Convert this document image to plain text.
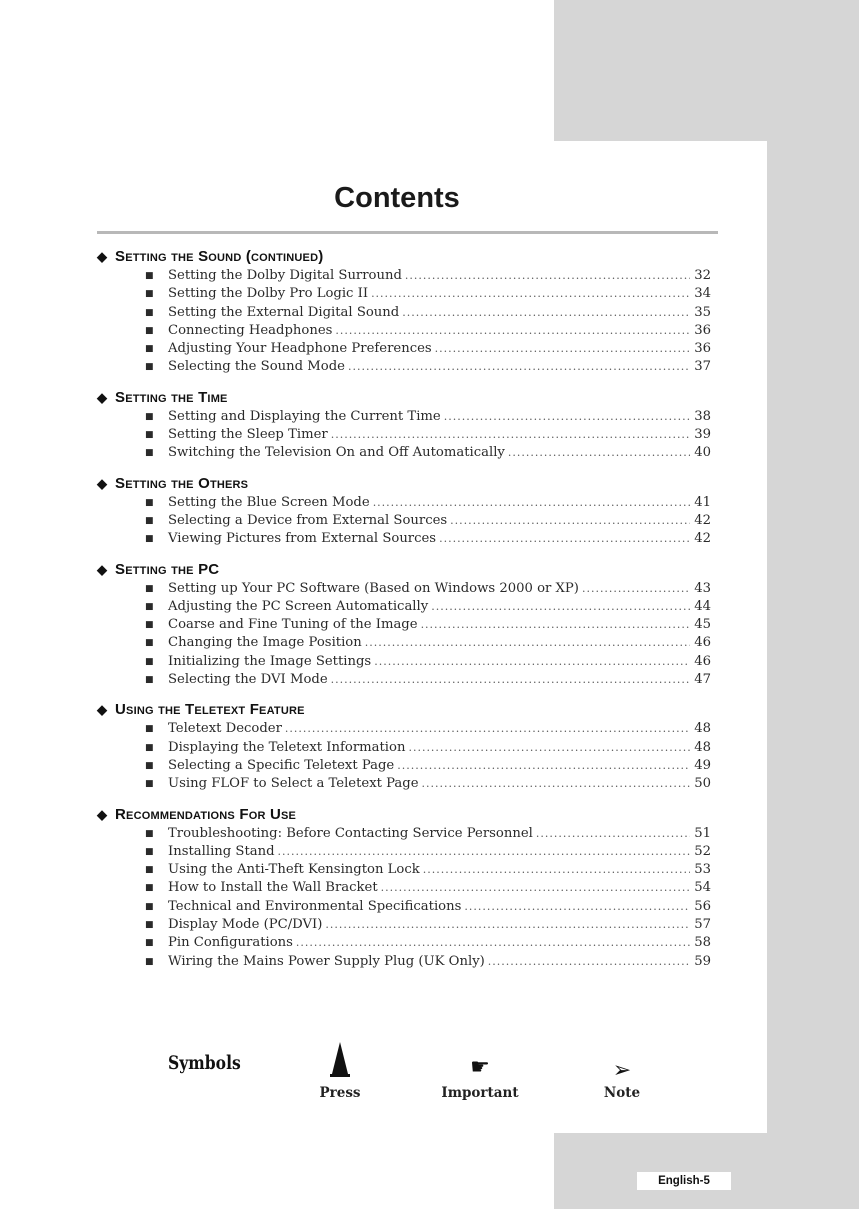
Contents
◆ Setting the Sound (continued)
■	Setting the Dolby Digital Surround .....	32
■	Setting the Dolby Pro Logic II .....	34
■	Setting the External Digital Sound .....	35
■	Connecting Headphones .....	36
■	Adjusting Your Headphone Preferences .....	36
■	Selecting the Sound Mode .....	37
◆ Setting the Time
■	Setting and Displaying the Current Time .....	38
■	Setting the Sleep Timer .....	39
■	Switching the Television On and Off Automatically .....	40
◆ Setting the Others
■	Setting the Blue Screen Mode .....	41
■	Selecting a Device from External Sources .....	42
■	Viewing Pictures from External Sources .....	42
◆ Setting the PC
■	Setting up Your PC Software (Based on Windows 2000 or XP) .....	43
■	Adjusting the PC Screen Automatically .....	44
■	Coarse and Fine Tuning of the Image .....	45
■	Changing the Image Position .....	46
■	Initializing the Image Settings .....	46
■	Selecting the DVI Mode .....	47
◆ Using the Teletext Feature
■	Teletext Decoder .....	48
■	Displaying the Teletext Information .....	48
■	Selecting a Specific Teletext Page .....	49
■	Using FLOF to Select a Teletext Page .....	50
◆ Recommendations For Use
■	Troubleshooting: Before Contacting Service Personnel .....	51
■	Installing Stand .....	52
■	Using the Anti-Theft Kensington Lock .....	53
■	How to Install the Wall Bracket .....	54
■	Technical and Environmental Specifications .....	56
■	Display Mode (PC/DVI) .....	57
■	Pin Configurations .....	58
■	Wiring the Mains Power Supply Plug (UK Only) .....	59
Symbols
Press
☛
Important
➢
Note
English-5
